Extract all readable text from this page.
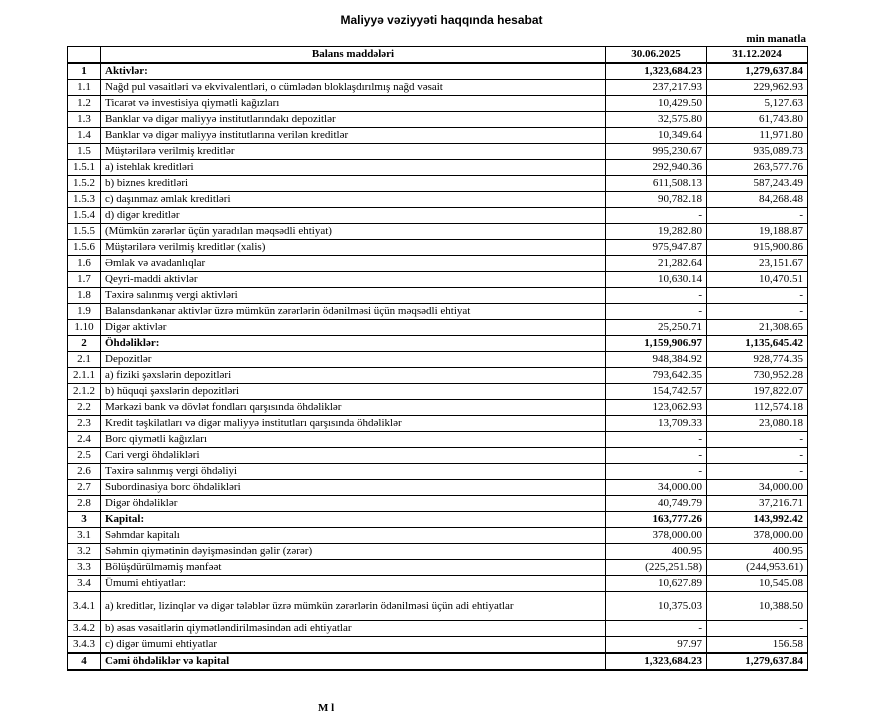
Maliyyə vəziyyəti haqqında hesabat
min manatla
	Balans maddələri	30.06.2025	31.12.2024
1	Aktivlər:	1,323,684.23	1,279,637.84
1.1	Nağd pul vəsaitləri və ekvivalentləri, o cümlədən bloklaşdırılmış nağd vəsait	237,217.93	229,962.93
1.2	Ticarət və investisiya qiymətli kağızları	10,429.50	5,127.63
1.3	Banklar və digər maliyyə institutlarındakı depozitlər	32,575.80	61,743.80
1.4	Banklar və digər maliyyə institutlarına verilən kreditlər	10,349.64	11,971.80
1.5	Müştərilərə verilmiş kreditlər	995,230.67	935,089.73
1.5.1	a) istehlak kreditləri	292,940.36	263,577.76
1.5.2	b) biznes kreditləri	611,508.13	587,243.49
1.5.3	c) daşınmaz əmlak kreditləri	90,782.18	84,268.48
1.5.4	d) digər kreditlər	-	-
1.5.5	(Mümkün zərərlər üçün yaradılan məqsədli ehtiyat)	19,282.80	19,188.87
1.5.6	Müştərilərə verilmiş kreditlər (xalis)	975,947.87	915,900.86
1.6	Əmlak və avadanlıqlar	21,282.64	23,151.67
1.7	Qeyri-maddi aktivlər	10,630.14	10,470.51
1.8	Təxirə salınmış vergi aktivləri	-	-
1.9	Balansdankənar aktivlər üzrə mümkün zərərlərin ödənilməsi üçün məqsədli ehtiyat	-	-
1.10	Digər aktivlər	25,250.71	21,308.65
2	Öhdəliklər:	1,159,906.97	1,135,645.42
2.1	Depozitlər	948,384.92	928,774.35
2.1.1	a) fiziki şəxslərin depozitləri	793,642.35	730,952.28
2.1.2	b) hüquqi şəxslərin depozitləri	154,742.57	197,822.07
2.2	Mərkəzi bank və dövlət fondları qarşısında öhdəliklər	123,062.93	112,574.18
2.3	Kredit təşkilatları və digər maliyyə institutları qarşısında öhdəliklər	13,709.33	23,080.18
2.4	Borc qiymətli kağızları	-	-
2.5	Cari vergi öhdəlikləri	-	-
2.6	Təxirə salınmış vergi öhdəliyi	-	-
2.7	Subordinasiya borc öhdəlikləri	34,000.00	34,000.00
2.8	Digər öhdəliklər	40,749.79	37,216.71
3	Kapital:	163,777.26	143,992.42
3.1	Səhmdar kapitalı	378,000.00	378,000.00
3.2	Səhmin qiymətinin dəyişməsindən gəlir (zərər)	400.95	400.95
3.3	Bölüşdürülməmiş mənfəət	(225,251.58)	(244,953.61)
3.4	Ümumi ehtiyatlar:	10,627.89	10,545.08
3.4.1	a) kreditlər, lizinqlər və digər tələblər üzrə mümkün zərərlərin ödənilməsi üçün adi ehtiyatlar	10,375.03	10,388.50
3.4.2	b) əsas vəsaitlərin qiymətləndirilməsindən adi ehtiyatlar	-	-
3.4.3	c) digər ümumi ehtiyatlar	97.97	156.58
4	Cəmi öhdəliklər və kapital	1,323,684.23	1,279,637.84
M l
